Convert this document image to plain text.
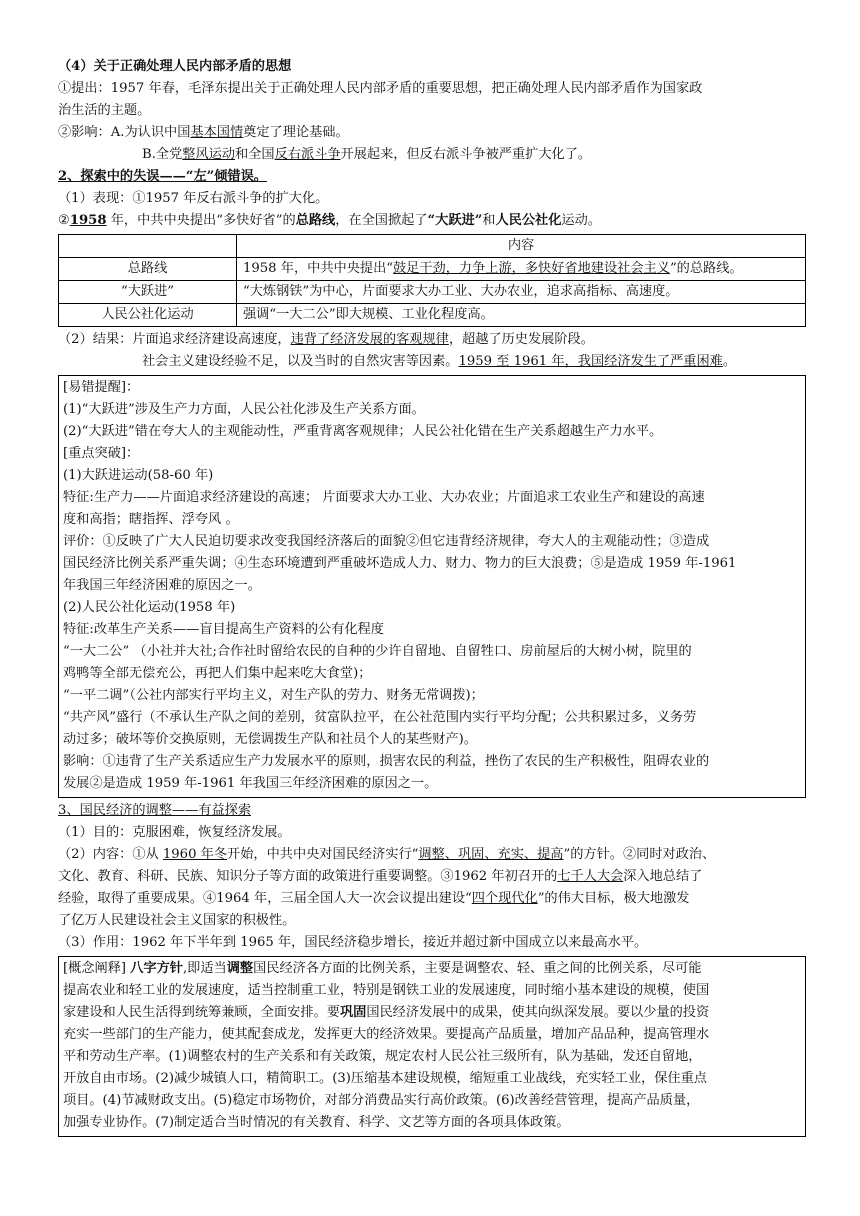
（4）关于正确处理人民内部矛盾的思想
①提出：1957 年春，毛泽东提出关于正确处理人民内部矛盾的重要思想，把正确处理人民内部矛盾作为国家政
治生活的主题。
②影响：A.为认识中国基本国情奠定了理论基础。
B.全党整风运动和全国反右派斗争开展起来，但反右派斗争被严重扩大化了。
2、探索中的失误——“左”倾错误。
（1）表现：①1957 年反右派斗争的扩大化。
②1958 年，中共中央提出“多快好省”的总路线，在全国掀起了“大跃进”和人民公社化运动。
	内容
总路线	1958 年，中共中央提出“鼓足干劲，力争上游，多快好省地建设社会主义”的总路线。
“大跃进”	“大炼钢铁”为中心，片面要求大办工业、大办农业，追求高指标、高速度。
人民公社化运动	强调“一大二公”即大规模、工业化程度高。
（2）结果：片面追求经济建设高速度，违背了经济发展的客观规律，超越了历史发展阶段。
社会主义建设经验不足，以及当时的自然灾害等因素。1959 至 1961 年，我国经济发生了严重困难。
[易错提醒]：
(1)“大跃进”涉及生产力方面，人民公社化涉及生产关系方面。
(2)“大跃进”错在夸大人的主观能动性，严重背离客观规律；人民公社化错在生产关系超越生产力水平。
[重点突破]：
(1)大跃进运动(58-60 年)
特征:生产力——片面追求经济建设的高速； 片面要求大办工业、大办农业；片面追求工农业生产和建设的高速
度和高指；瞎指挥、浮夸风 。
评价：①反映了广大人民迫切要求改变我国经济落后的面貌②但它违背经济规律，夸大人的主观能动性；③造成
国民经济比例关系严重失调；④生态环境遭到严重破坏造成人力、财力、物力的巨大浪费；⑤是造成 1959 年-1961
年我国三年经济困难的原因之一。
(2)人民公社化运动(1958 年)
特征:改革生产关系——盲目提高生产资料的公有化程度
“一大二公” （小社并大社;合作社时留给农民的自种的少许自留地、自留牲口、房前屋后的大树小树，院里的
鸡鸭等全部无偿充公，再把人们集中起来吃大食堂)；
“一平二调”（公社内部实行平均主义，对生产队的劳力、财务无常调拨)；
“共产风”盛行（不承认生产队之间的差别，贫富队拉平，在公社范围内实行平均分配；公共积累过多，义务劳
动过多；破坏等价交换原则，无偿调拨生产队和社员个人的某些财产)。
影响：①违背了生产关系适应生产力发展水平的原则，损害农民的利益，挫伤了农民的生产积极性，阻碍农业的
发展②是造成 1959 年-1961 年我国三年经济困难的原因之一。
3、国民经济的调整——有益探索
（1）目的：克服困难，恢复经济发展。
（2）内容：①从 1960 年冬开始，中共中央对国民经济实行“调整、巩固、充实、提高”的方针。②同时对政治、
文化、教育、科研、民族、知识分子等方面的政策进行重要调整。③1962 年初召开的七千人大会深入地总结了
经验，取得了重要成果。④1964 年，三届全国人大一次会议提出建设“四个现代化”的伟大目标，极大地激发
了亿万人民建设社会主义国家的积极性。
（3）作用：1962 年下半年到 1965 年，国民经济稳步增长，接近并超过新中国成立以来最高水平。
[概念阐释] 八字方针,即适当调整国民经济各方面的比例关系，主要是调整农、轻、重之间的比例关系，尽可能
提高农业和轻工业的发展速度，适当控制重工业，特别是钢铁工业的发展速度，同时缩小基本建设的规模，使国
家建设和人民生活得到统筹兼顾，全面安排。要巩固国民经济发展中的成果，使其向纵深发展。要以少量的投资
充实一些部门的生产能力，使其配套成龙，发挥更大的经济效果。要提高产品质量，增加产品品种，提高管理水
平和劳动生产率。(1)调整农村的生产关系和有关政策，规定农村人民公社三级所有，队为基础，发还自留地，
开放自由市场。(2)减少城镇人口，精简职工。(3)压缩基本建设规模，缩短重工业战线，充实轻工业，保住重点
项目。(4)节减财政支出。(5)稳定市场物价，对部分消费品实行高价政策。(6)改善经营管理，提高产品质量，
加强专业协作。(7)制定适合当时情况的有关教育、科学、文艺等方面的各项具体政策。
